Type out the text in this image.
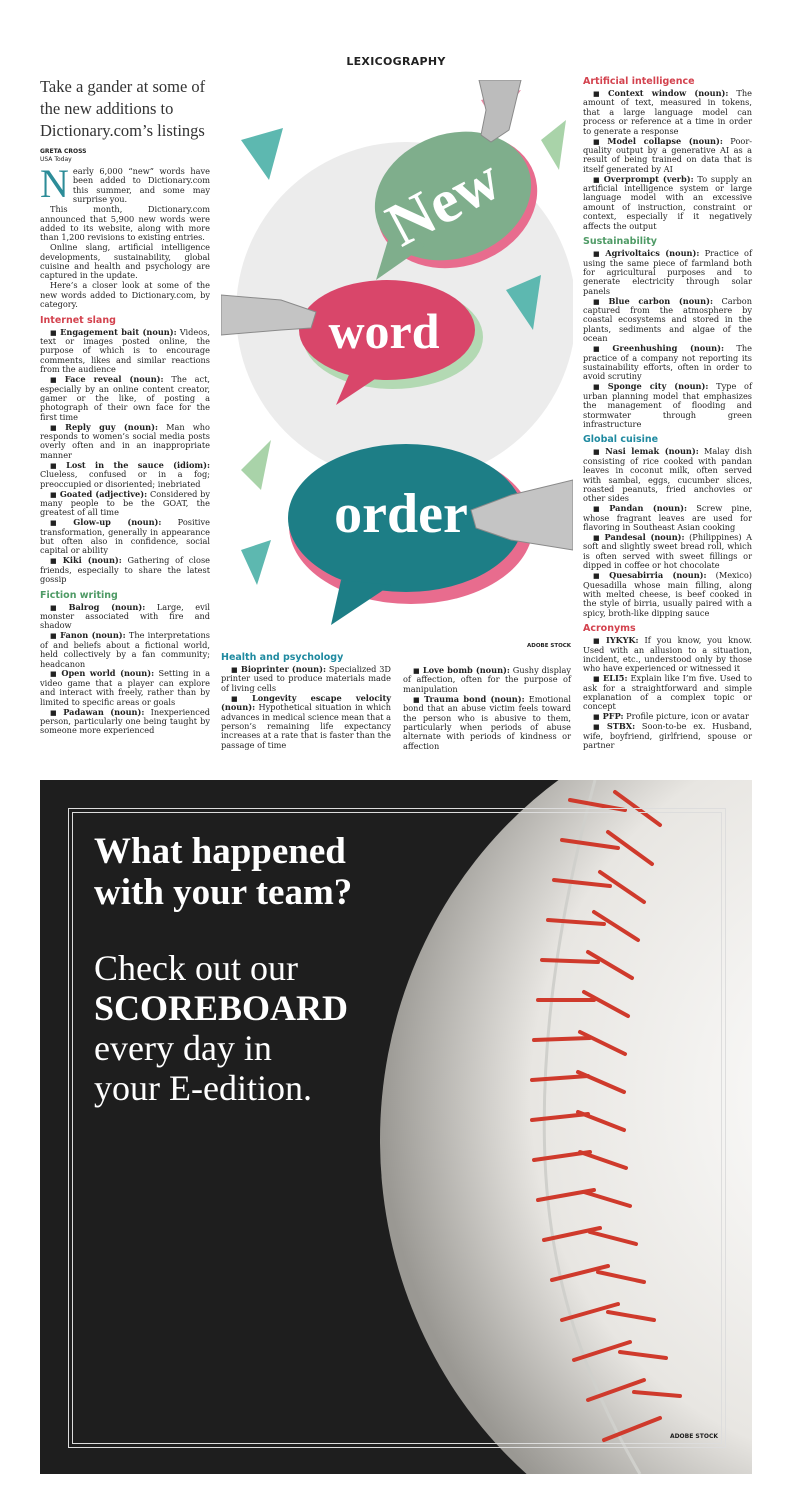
LEXICOGRAPHY
Take a gander at some of the new additions to Dictionary.com’s listings
GRETA CROSS
USA Today

Nearly 6,000 “new” words have been added to Dictionary.com this summer, and some may surprise you.

This month, Dictionary.com announced that 5,900 new words were added to its website, along with more than 1,200 revisions to existing entries.

Online slang, artificial intelligence developments, sustainability, global cuisine and health and psychology are captured in the update.

Here’s a closer look at some of the new words added to Dictionary.com, by category.

Internet slang

■ Engagement bait (noun): Videos, text or images posted online, the purpose of which is to encourage comments, likes and similar reactions from the audience

■ Face reveal (noun): The act, especially by an online content creator, gamer or the like, of posting a photograph of their own face for the first time

■ Reply guy (noun): Man who responds to women’s social media posts overly often and in an inappropriate manner

■ Lost in the sauce (idiom): Clueless, confused or in a fog; preoccupied or disoriented; inebriated

■ Goated (adjective): Considered by many people to be the GOAT, the greatest of all time

■ Glow-up (noun): Positive transformation, generally in appearance but often also in confidence, social capital or ability

■ Kiki (noun): Gathering of close friends, especially to share the latest gossip

Fiction writing

■ Balrog (noun): Large, evil monster associated with fire and shadow

■ Fanon (noun): The interpretations of and beliefs about a fictional world, held collectively by a fan community; headcanon

■ Open world (noun): Setting in a video game that a player can explore and interact with freely, rather than by limited to specific areas or goals

■ Padawan (noun): Inexperienced person, particularly one being taught by someone more experienced

New
word
order
ADOBE STOCK
Health and psychology

■ Bioprinter (noun): Specialized 3D printer used to produce materials made of living cells

■ Longevity escape velocity (noun): Hypothetical situation in which advances in medical science mean that a person’s remaining life expectancy increases at a rate that is faster than the passage of time

■ Love bomb (noun): Gushy display of affection, often for the purpose of manipulation

■ Trauma bond (noun): Emotional bond that an abuse victim feels toward the person who is abusive to them, particularly when periods of abuse alternate with periods of kindness or affection

Artificial intelligence

■ Context window (noun): The amount of text, measured in tokens, that a large language model can process or reference at a time in order to generate a response

■ Model collapse (noun): Poor-quality output by a generative AI as a result of being trained on data that is itself generated by AI

■ Overprompt (verb): To supply an artificial intelligence system or large language model with an excessive amount of instruction, constraint or context, especially if it negatively affects the output

Sustainability

■ Agrivoltaics (noun): Practice of using the same piece of farmland both for agricultural purposes and to generate electricity through solar panels

■ Blue carbon (noun): Carbon captured from the atmosphere by coastal ecosystems and stored in the plants, sediments and algae of the ocean

■ Greenhushing (noun): The practice of a company not reporting its sustainability efforts, often in order to avoid scrutiny

■ Sponge city (noun): Type of urban planning model that emphasizes the management of flooding and stormwater through green infrastructure

Global cuisine

■ Nasi lemak (noun): Malay dish consisting of rice cooked with pandan leaves in coconut milk, often served with sambal, eggs, cucumber slices, roasted peanuts, fried anchovies or other sides

■ Pandan (noun): Screw pine, whose fragrant leaves are used for flavoring in Southeast Asian cooking

■ Pandesal (noun): (Philippines) A soft and slightly sweet bread roll, which is often served with sweet fillings or dipped in coffee or hot chocolate

■ Quesabirria (noun): (Mexico) Quesadilla whose main filling, along with melted cheese, is beef cooked in the style of birria, usually paired with a spicy, broth-like dipping sauce

Acronyms

■ IYKYK: If you know, you know. Used with an allusion to a situation, incident, etc., understood only by those who have experienced or witnessed it

■ ELI5: Explain like I’m five. Used to ask for a straightforward and simple explanation of a complex topic or concept

■ PFP: Profile picture, icon or avatar

■ STBX: Soon-to-be ex. Husband, wife, boyfriend, girlfriend, spouse or partner

What happened
with your team?
Check out our
SCOREBOARD
every day in
your E-edition.
ADOBE STOCK
